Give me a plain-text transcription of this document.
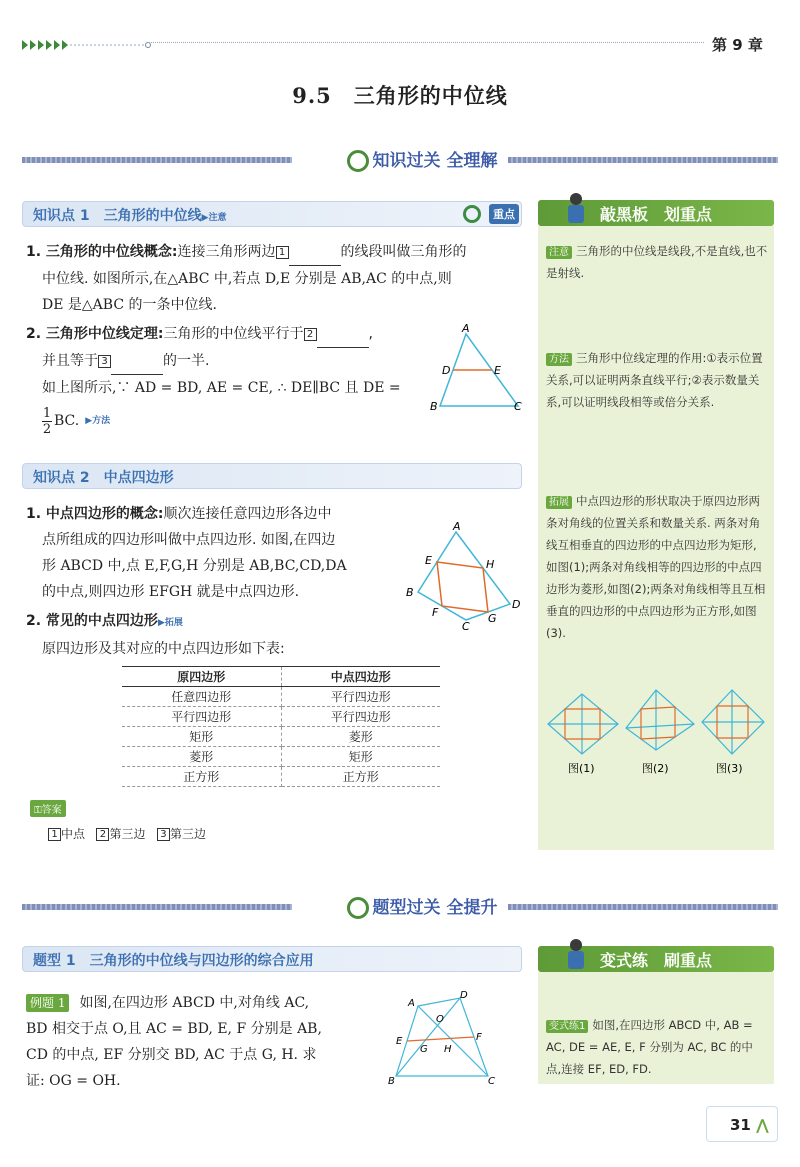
第 9 章
9.5　三角形的中位线
知识过关 全理解
知识点 1　三角形的中位线▶注意	重点
1. 三角形的中位线概念:连接三角形两边 1	的线段叫做三角形的
中位线. 如图所示,在△ABC 中,若点 D,E 分别是 AB,AC 的中点,则
DE 是△ABC 的一条中位线.
2. 三角形中位线定理:三角形的中位线平行于 2	,
并且等于 3	的一半.
如上图所示,∵ AD = BD, AE = CE, ∴ DE∥BC 且 DE =
1
2 BC. ▶方法
A
D	E
B	C
知识点 2　中点四边形
1. 中点四边形的概念:顺次连接任意四边形各边中
点所组成的四边形叫做中点四边形. 如图,在四边
形 ABCD 中,点 E,F,G,H 分别是 AB,BC,CD,DA
的中点,则四边形 EFGH 就是中点四边形.
2. 常见的中点四边形▶拓展
原四边形及其对应的中点四边形如下表:
A
B
C
D
E
F	G
H
原四边形	中点四边形
任意四边形	平行四边形
平行四边形	平行四边形
矩形	菱形
菱形	矩形
正方形	正方形
⚿答案
1 中点 2 第三边 3 第三边
敲黑板　划重点
注意 三角形的中位线是线段,不是直线,也不是射线.
方法 三角形中位线定理的作用:①表示位置关系,可以证明两条直线平行;②表示数量关系,可以证明线段相等或倍分关系.
拓展 中点四边形的形状取决于原四边形两条对角线的位置关系和数量关系. 两条对角线互相垂直的四边形的中点四边形为矩形,如图(1);两条对角线相等的四边形的中点四边形为菱形,如图(2);两条对角线相等且互相垂直的四边形的中点四边形为正方形,如图(3).
图(1)	图(2)	图(3)
题型过关 全提升
题型 1　三角形的中位线与四边形的综合应用
例题 1 如图,在四边形 ABCD 中,对角线 AC,
BD 相交于点 O,且 AC = BD, E, F 分别是 AB,
CD 的中点, EF 分别交 BD, AC 于点 G, H. 求
证: OG = OH.
A
D
O
E	F
G H
B	C
变式练　刷重点
变式练1 如图,在四边形 ABCD 中, AB = AC, DE = AE, E, F 分别为 AC, BC 的中点,连接 EF, ED, FD.
31 ⋀
